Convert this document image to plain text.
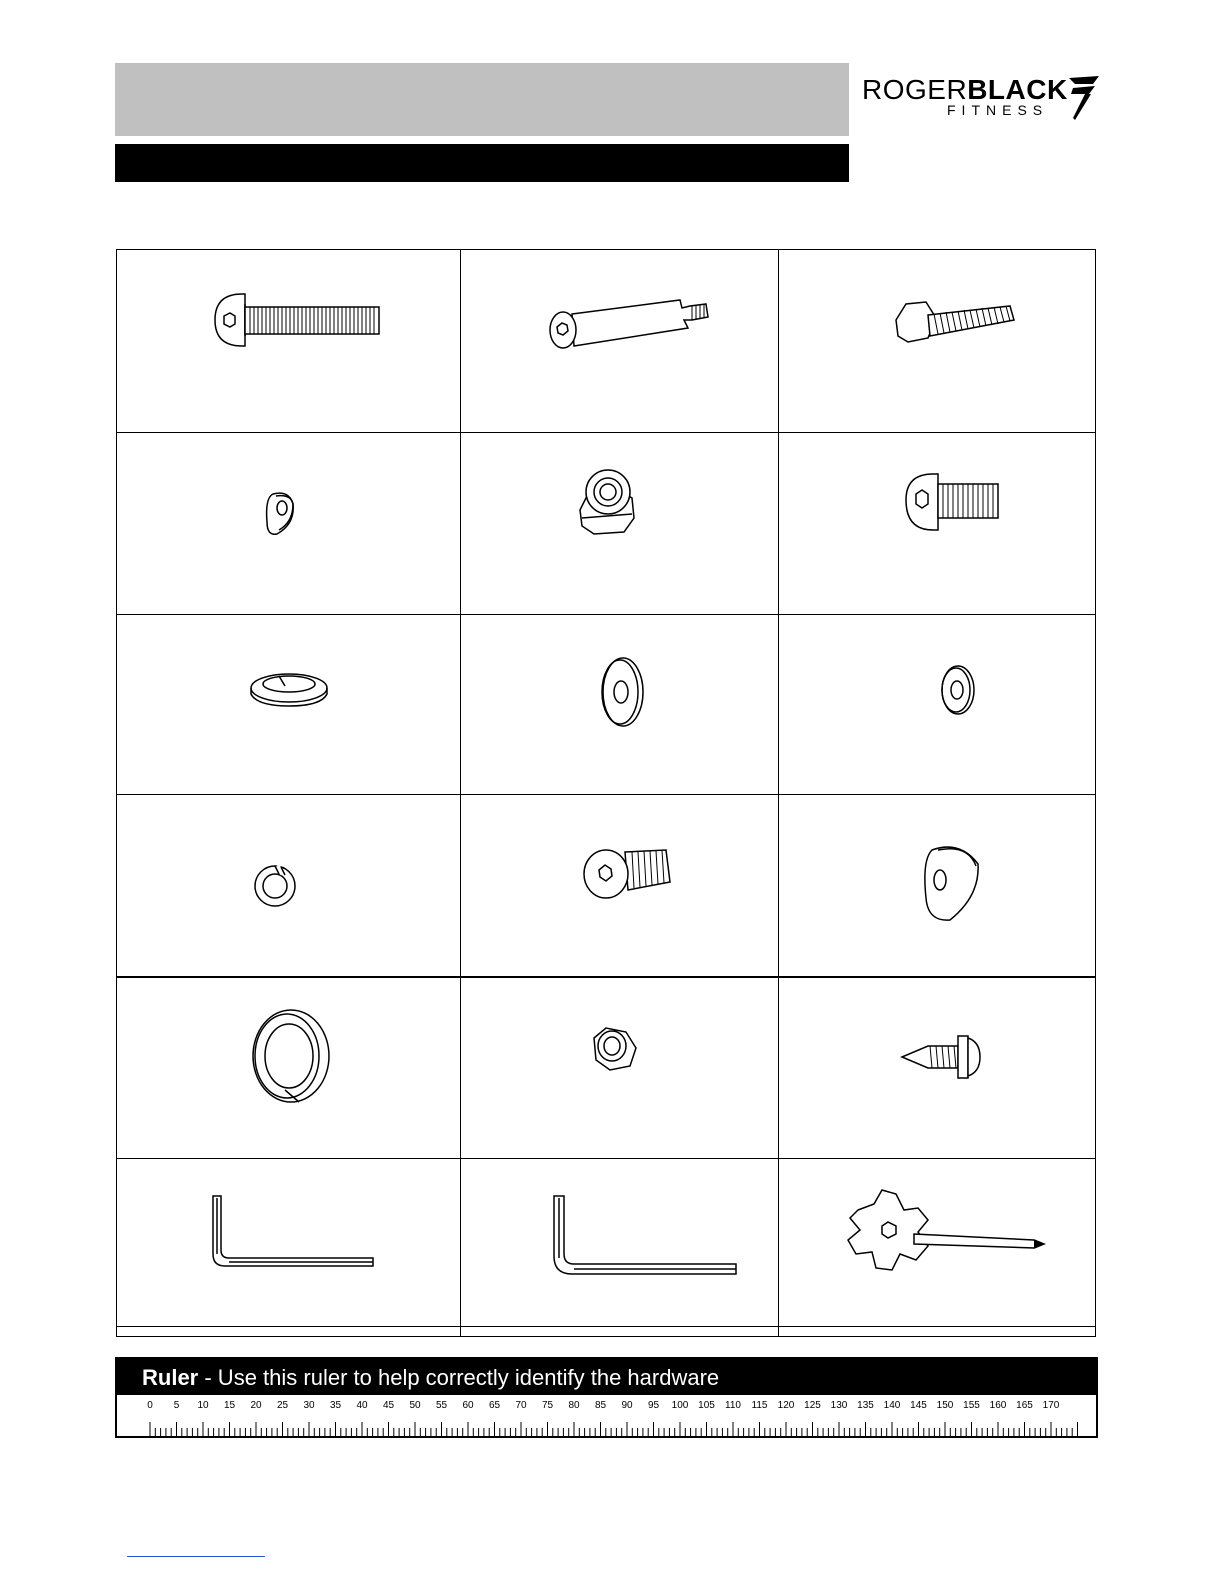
ROGERBLACK
FITNESS
Ruler - Use this ruler to help correctly identify the hardware
0 5 10 15 20 25 30 35 40 45 50 55 60 65 70 75 80 85 90 95 100 105 110 115 120 125 130 135 140 145 150 155 160 165 170
